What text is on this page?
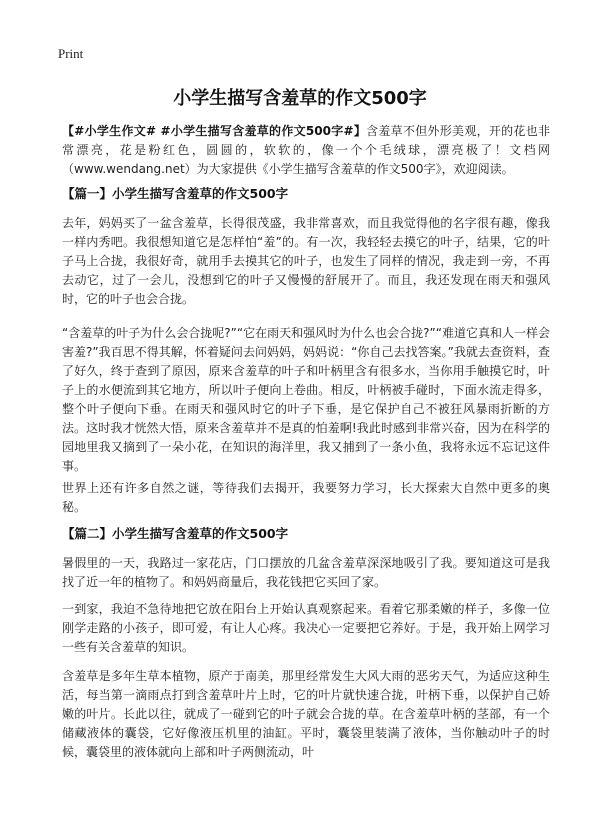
Print
小学生描写含羞草的作文500字

【#小学生作文# #小学生描写含羞草的作文500字#】含羞草不但外形美观，开的花也非常漂亮，花是粉红色，圆圆的，软软的，像一个个毛绒球，漂亮极了！文档网（www.wendang.net）为大家提供《小学生描写含羞草的作文500字》，欢迎阅读。

【篇一】小学生描写含羞草的作文500字

去年，妈妈买了一盆含羞草，长得很茂盛，我非常喜欢，而且我觉得他的名字很有趣，像我一样内秀吧。我很想知道它是怎样怕“羞”的。有一次，我轻轻去摸它的叶子，结果，它的叶子马上合拢，我很好奇，就用手去摸其它的叶子，也发生了同样的情况，我走到一旁，不再去动它，过了一会儿，没想到它的叶子又慢慢的舒展开了。而且，我还发现在雨天和强风时，它的叶子也会合拢。

“含羞草的叶子为什么会合拢呢?”“它在雨天和强风时为什么也会合拢?”“难道它真和人一样会害羞?”我百思不得其解，怀着疑问去问妈妈，妈妈说：“你自己去找答案。”我就去查资料，查了好久，终于查到了原因，原来含羞草的叶子和叶柄里含有很多水，当你用手触摸它时，叶子上的水便流到其它地方，所以叶子便向上卷曲。相反，叶柄被手碰时，下面水流走得多，整个叶子便向下垂。在雨天和强风时它的叶子下垂，是它保护自己不被狂风暴雨折断的方法。这时我才恍然大悟，原来含羞草并不是真的怕羞啊!我此时感到非常兴奋，因为在科学的园地里我又摘到了一朵小花，在知识的海洋里，我又捕到了一条小鱼，我将永远不忘记这件事。

世界上还有许多自然之谜，等待我们去揭开，我要努力学习，长大探索大自然中更多的奥秘。

【篇二】小学生描写含羞草的作文500字

暑假里的一天，我路过一家花店，门口摆放的几盆含羞草深深地吸引了我。要知道这可是我找了近一年的植物了。和妈妈商量后，我花钱把它买回了家。

一到家，我迫不急待地把它放在阳台上开始认真观察起来。看着它那柔嫩的样子，多像一位刚学走路的小孩子，即可爱，有让人心疼。我决心一定要把它养好。于是，我开始上网学习一些有关含羞草的知识。

含羞草是多年生草本植物，原产于南美，那里经常发生大风大雨的恶劣天气，为适应这种生活，每当第一滴雨点打到含羞草叶片上时，它的叶片就快速合拢，叶柄下垂，以保护自己娇嫩的叶片。长此以往，就成了一碰到它的叶子就会合拢的草。在含羞草叶柄的茎部，有一个储藏液体的囊袋，它好像液压机里的油缸。平时，囊袋里装满了液体，当你触动叶子的时候，囊袋里的液体就向上部和叶子两侧流动，叶
